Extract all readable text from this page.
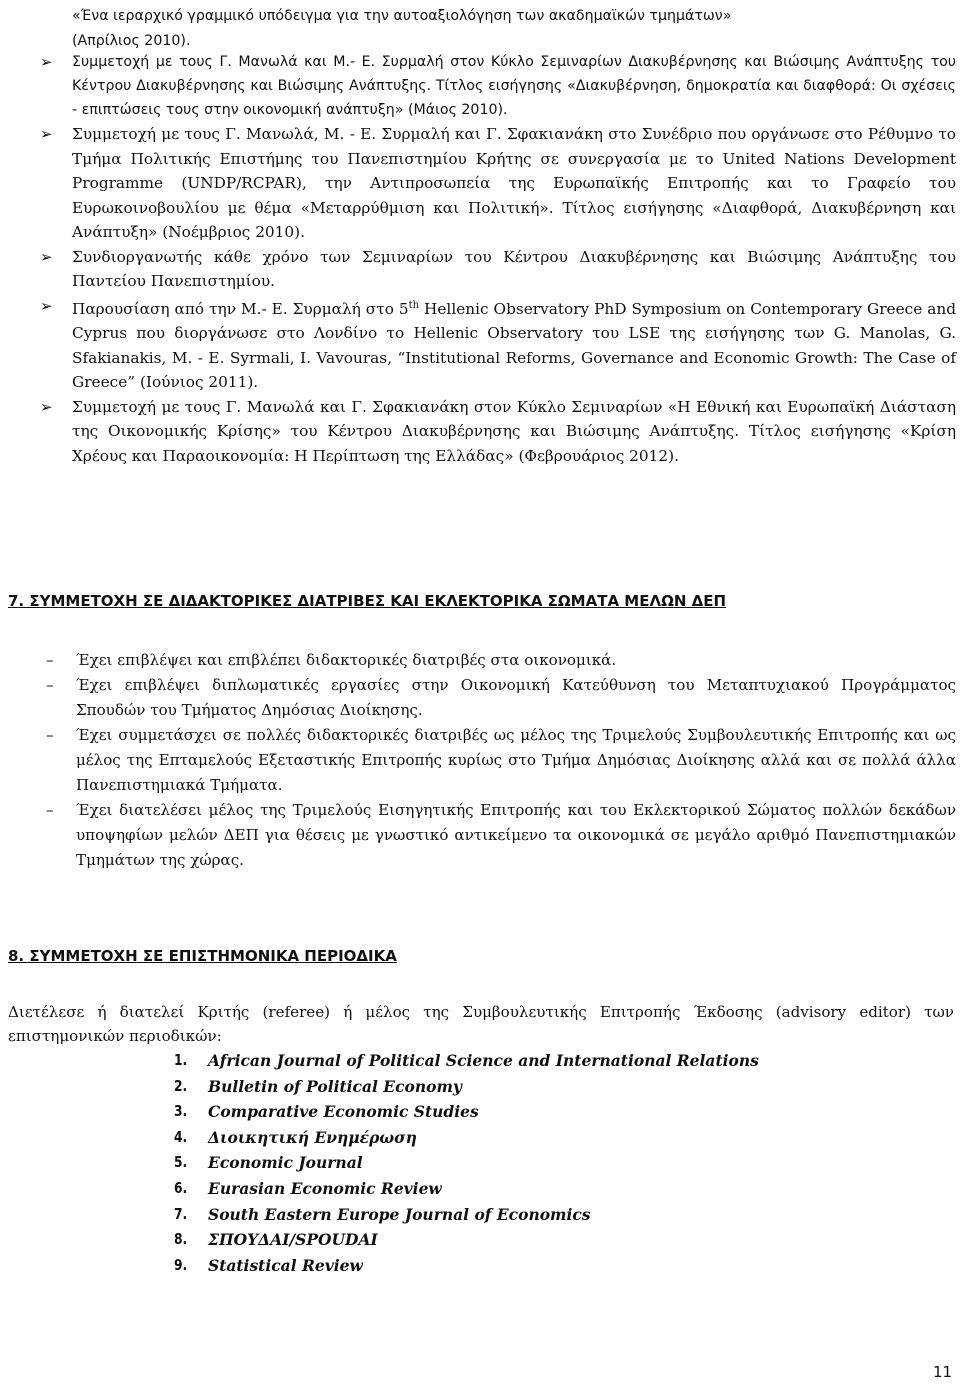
«Ένα ιεραρχικό γραμμικό υπόδειγμα για την αυτοαξιολόγηση των ακαδημαϊκών τμημάτων»
(Απρίλιος 2010).
➢ Συμμετοχή με τους Γ. Μανωλά και Μ.- Ε. Συρμαλή στον Κύκλο Σεμιναρίων Διακυβέρνησης και Βιώσιμης Ανάπτυξης του Κέντρου Διακυβέρνησης και Βιώσιμης Ανάπτυξης. Τίτλος εισήγησης «Διακυβέρνηση, δημοκρατία και διαφθορά: Οι σχέσεις - επιπτώσεις τους στην οικονομική ανάπτυξη» (Μάιος 2010).
➢ Συμμετοχή με τους Γ. Μανωλά, Μ. - Ε. Συρμαλή και Γ. Σφακιανάκη στο Συνέδριο που οργάνωσε στο Ρέθυμνο το Τμήμα Πολιτικής Επιστήμης του Πανεπιστημίου Κρήτης σε συνεργασία με το United Nations Development Programme (UNDP/RCPAR), την Αντιπροσωπεία της Ευρωπαϊκής Επιτροπής και το Γραφείο του Ευρωκοινοβουλίου με θέμα «Μεταρρύθμιση και Πολιτική». Τίτλος εισήγησης «Διαφθορά, Διακυβέρνηση και Ανάπτυξη» (Νοέμβριος 2010).
➢ Συνδιοργανωτής κάθε χρόνο των Σεμιναρίων του Κέντρου Διακυβέρνησης και Βιώσιμης Ανάπτυξης του Παντείου Πανεπιστημίου.
➢ Παρουσίαση από την Μ.- Ε. Συρμαλή στο 5th Hellenic Observatory PhD Symposium on Contemporary Greece and Cyprus που διοργάνωσε στο Λονδίνο το Hellenic Observatory του LSE της εισήγησης των G. Manolas, G. Sfakianakis, M. - E. Syrmali, I. Vavouras, “Institutional Reforms, Governance and Economic Growth: The Case of Greece” (Ιούνιος 2011).
➢ Συμμετοχή με τους Γ. Μανωλά και Γ. Σφακιανάκη στον Κύκλο Σεμιναρίων «Η Εθνική και Ευρωπαϊκή Διάσταση της Οικονομικής Κρίσης» του Κέντρου Διακυβέρνησης και Βιώσιμης Ανάπτυξης. Τίτλος εισήγησης «Κρίση Χρέους και Παραοικονομία: Η Περίπτωση της Ελλάδας» (Φεβρουάριος 2012).
7. ΣΥΜΜΕΤΟΧΗ ΣΕ ΔΙΔΑΚΤΟΡΙΚΕΣ ΔΙΑΤΡΙΒΕΣ ΚΑΙ ΕΚΛΕΚΤΟΡΙΚΑ ΣΩΜΑΤΑ ΜΕΛΩΝ ΔΕΠ
– Έχει επιβλέψει και επιβλέπει διδακτορικές διατριβές στα οικονομικά.
– Έχει επιβλέψει διπλωματικές εργασίες στην Οικονομική Κατεύθυνση του Μεταπτυχιακού Προγράμματος Σπουδών του Τμήματος Δημόσιας Διοίκησης.
– Έχει συμμετάσχει σε πολλές διδακτορικές διατριβές ως μέλος της Τριμελούς Συμβουλευτικής Επιτροπής και ως μέλος της Επταμελούς Εξεταστικής Επιτροπής κυρίως στο Τμήμα Δημόσιας Διοίκησης αλλά και σε πολλά άλλα Πανεπιστημιακά Τμήματα.
– Έχει διατελέσει μέλος της Τριμελούς Εισηγητικής Επιτροπής και του Εκλεκτορικού Σώματος πολλών δεκάδων υποψηφίων μελών ΔΕΠ για θέσεις με γνωστικό αντικείμενο τα οικονομικά σε μεγάλο αριθμό Πανεπιστημιακών Τμημάτων της χώρας.
8. ΣΥΜΜΕΤΟΧΗ ΣΕ ΕΠΙΣΤΗΜΟΝΙΚΑ ΠΕΡΙΟΔΙΚΑ
Διετέλεσε ή διατελεί Κριτής (referee) ή μέλος της Συμβουλευτικής Επιτροπής Έκδοσης (advisory editor) των επιστημονικών περιοδικών:
1. African Journal of Political Science and International Relations
2. Bulletin of Political Economy
3. Comparative Economic Studies
4. Διοικητική Ενημέρωση
5. Economic Journal
6. Eurasian Economic Review
7. South Eastern Europe Journal of Economics
8. ΣΠΟΥΔΑΙ/SPOUDAI
9. Statistical Review
11
